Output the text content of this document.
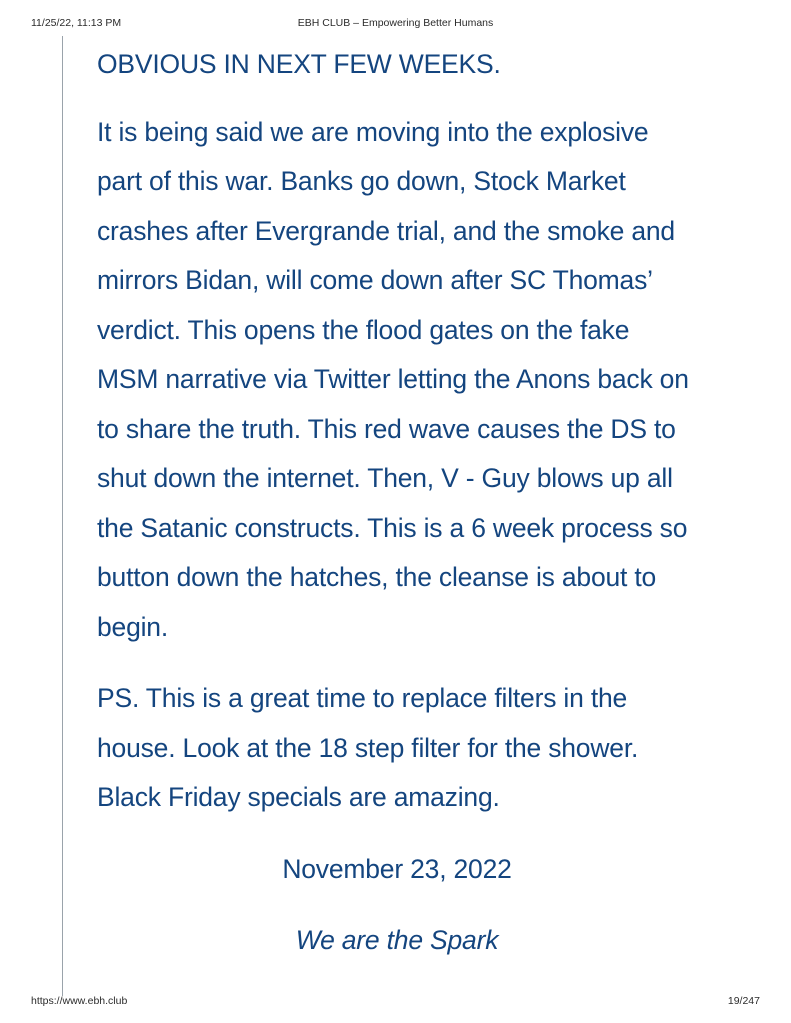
11/25/22, 11:13 PM	EBH CLUB – Empowering Better Humans

OBVIOUS IN NEXT FEW WEEKS.

It is being said we are moving into the explosive part of this war. Banks go down, Stock Market crashes after Evergrande trial, and the smoke and mirrors Bidan, will come down after SC Thomas’ verdict. This opens the flood gates on the fake MSM narrative via Twitter letting the Anons back on to share the truth. This red wave causes the DS to shut down the internet. Then, V - Guy blows up all the Satanic constructs. This is a 6 week process so button down the hatches, the cleanse is about to begin.

PS. This is a great time to replace filters in the house. Look at the 18 step filter for the shower. Black Friday specials are amazing.

November 23, 2022

We are the Spark

https://www.ebh.club	19/247
